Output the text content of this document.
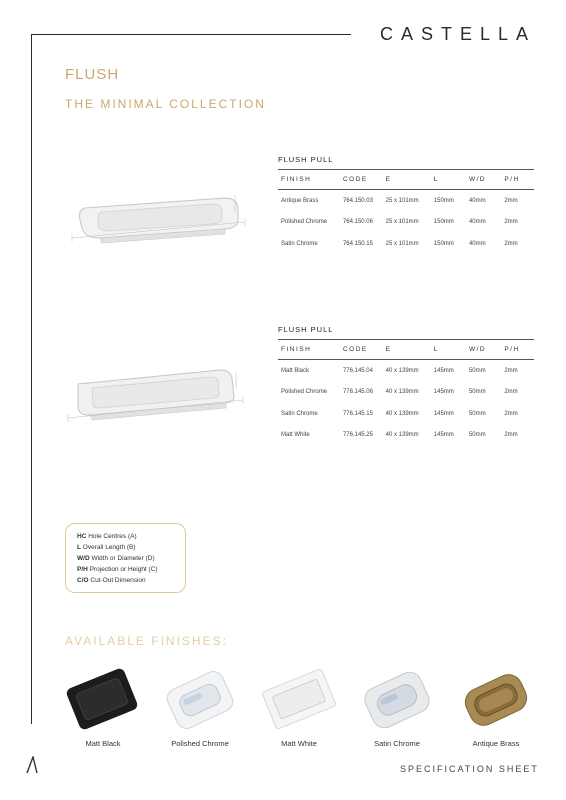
CASTELLA
FLUSH
THE MINIMAL COLLECTION
FLUSH PULL
FINISH	CODE	E	L	W/D	P/H
Antique Brass	764.150.03	25 x 101mm	150mm	40mm	2mm
Polished Chrome	764.150.06	25 x 101mm	150mm	40mm	2mm
Satin Chrome	764.150.15	25 x 101mm	150mm	40mm	2mm
FLUSH PULL
FINISH	CODE	E	L	W/D	P/H
Matt Black	776.145.04	40 x 139mm	145mm	50mm	2mm
Polished Chrome	776.145.06	40 x 139mm	145mm	50mm	2mm
Satin Chrome	776.145.15	40 x 139mm	145mm	50mm	2mm
Matt White	776.145.25	40 x 139mm	145mm	50mm	2mm
HC Hole Centres (A)
L Overall Length (B)
W/D Width or Diameter (D)
P/H Projection or Height (C)
C/O Cut-Out Dimension
AVAILABLE FINISHES:
Matt Black	Polished Chrome	Matt White	Satin Chrome	Antique Brass
SPECIFICATION SHEET
